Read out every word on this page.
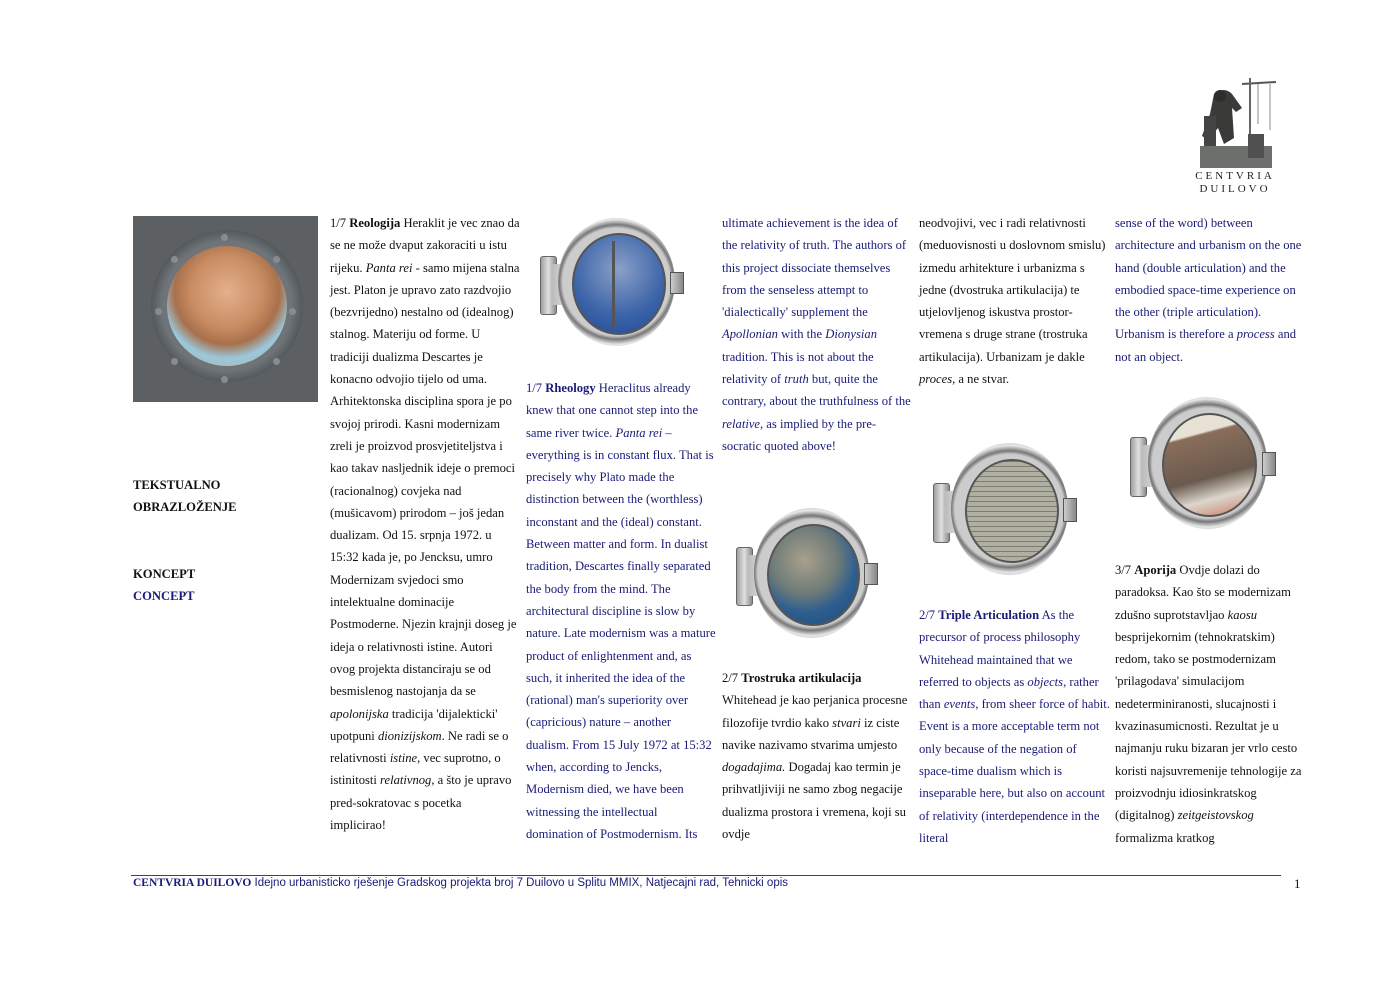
CENTVRIA
DUILOVO
TEKSTUALNO
OBRAZLOŽENJE
KONCEPT
CONCEPT

1/7 Reologija Heraklit je vec znao da se ne može dvaput zakoraciti u istu rijeku. Panta rei - samo mijena stalna jest. Platon je upravo zato razdvojio (bezvrijedno) nestalno od (idealnog) stalnog. Materiju od forme. U tradiciji dualizma Descartes je konacno odvojio tijelo od uma. Arhitektonska disciplina spora je po svojoj prirodi. Kasni modernizam zreli je proizvod prosvjetiteljstva i kao takav nasljednik ideje o premoci (racionalnog) covjeka nad (mušicavom) prirodom – još jedan dualizam. Od 15. srpnja 1972. u 15:32 kada je, po Jencksu, umro Modernizam svjedoci smo intelektualne dominacije Postmoderne. Njezin krajnji doseg je ideja o relativnosti istine. Autori ovog projekta distanciraju se od besmislenog nastojanja da se apolonijska tradicija 'dijalekticki' upotpuni dionizijskom. Ne radi se o relativnosti istine, vec suprotno, o istinitosti relativnog, a što je upravo pred-sokratovac s pocetka implicirao!

1/7 Rheology Heraclitus already knew that one cannot step into the same river twice. Panta rei – everything is in constant flux. That is precisely why Plato made the distinction between the (worthless) inconstant and the (ideal) constant. Between matter and form. In dualist tradition, Descartes finally separated the body from the mind. The architectural discipline is slow by nature. Late modernism was a mature product of enlightenment and, as such, it inherited the idea of the (rational) man's superiority over (capricious) nature – another dualism. From 15 July 1972 at 15:32 when, according to Jencks, Modernism died, we have been witnessing the intellectual domination of Postmodernism. Its

ultimate achievement is the idea of the relativity of truth. The authors of this project dissociate themselves from the senseless attempt to 'dialectically' supplement the Apollonian with the Dionysian tradition. This is not about the relativity of truth but, quite the contrary, about the truthfulness of the relative, as implied by the pre-socratic quoted above!

2/7 Trostruka artikulacija Whitehead je kao perjanica procesne filozofije tvrdio kako stvari iz ciste navike nazivamo stvarima umjesto dogadajima. Dogadaj kao termin je prihvatljiviji ne samo zbog negacije dualizma prostora i vremena, koji su ovdje

neodvojivi, vec i radi relativnosti (meduovisnosti u doslovnom smislu) izmedu arhitekture i urbanizma s jedne (dvostruka artikulacija) te utjelovljenog iskustva prostor-vremena s druge strane (trostruka artikulacija). Urbanizam je dakle proces, a ne stvar.

2/7 Triple Articulation As the precursor of process philosophy Whitehead maintained that we referred to objects as objects, rather than events, from sheer force of habit. Event is a more acceptable term not only because of the negation of space-time dualism which is inseparable here, but also on account of relativity (interdependence in the literal

sense of the word) between architecture and urbanism on the one hand (double articulation) and the embodied space-time experience on the other (triple articulation). Urbanism is therefore a process and not an object.

3/7 Aporija Ovdje dolazi do paradoksa. Kao što se modernizam zdušno suprotstavljao kaosu besprijekornim (tehnokratskim) redom, tako se postmodernizam 'prilagodava' simulacijom nedeterminiranosti, slucajnosti i kvazinasumicnosti. Rezultat je u najmanju ruku bizaran jer vrlo cesto koristi najsuvremenije tehnologije za proizvodnju idiosinkratskog (digitalnog) zeitgeistovskog formalizma kratkog

CENTVRIA DUILOVO Idejno urbanisticko rješenje Gradskog projekta broj 7 Duilovo u Splitu MMIX, Natjecajni rad, Tehnicki opis	1
